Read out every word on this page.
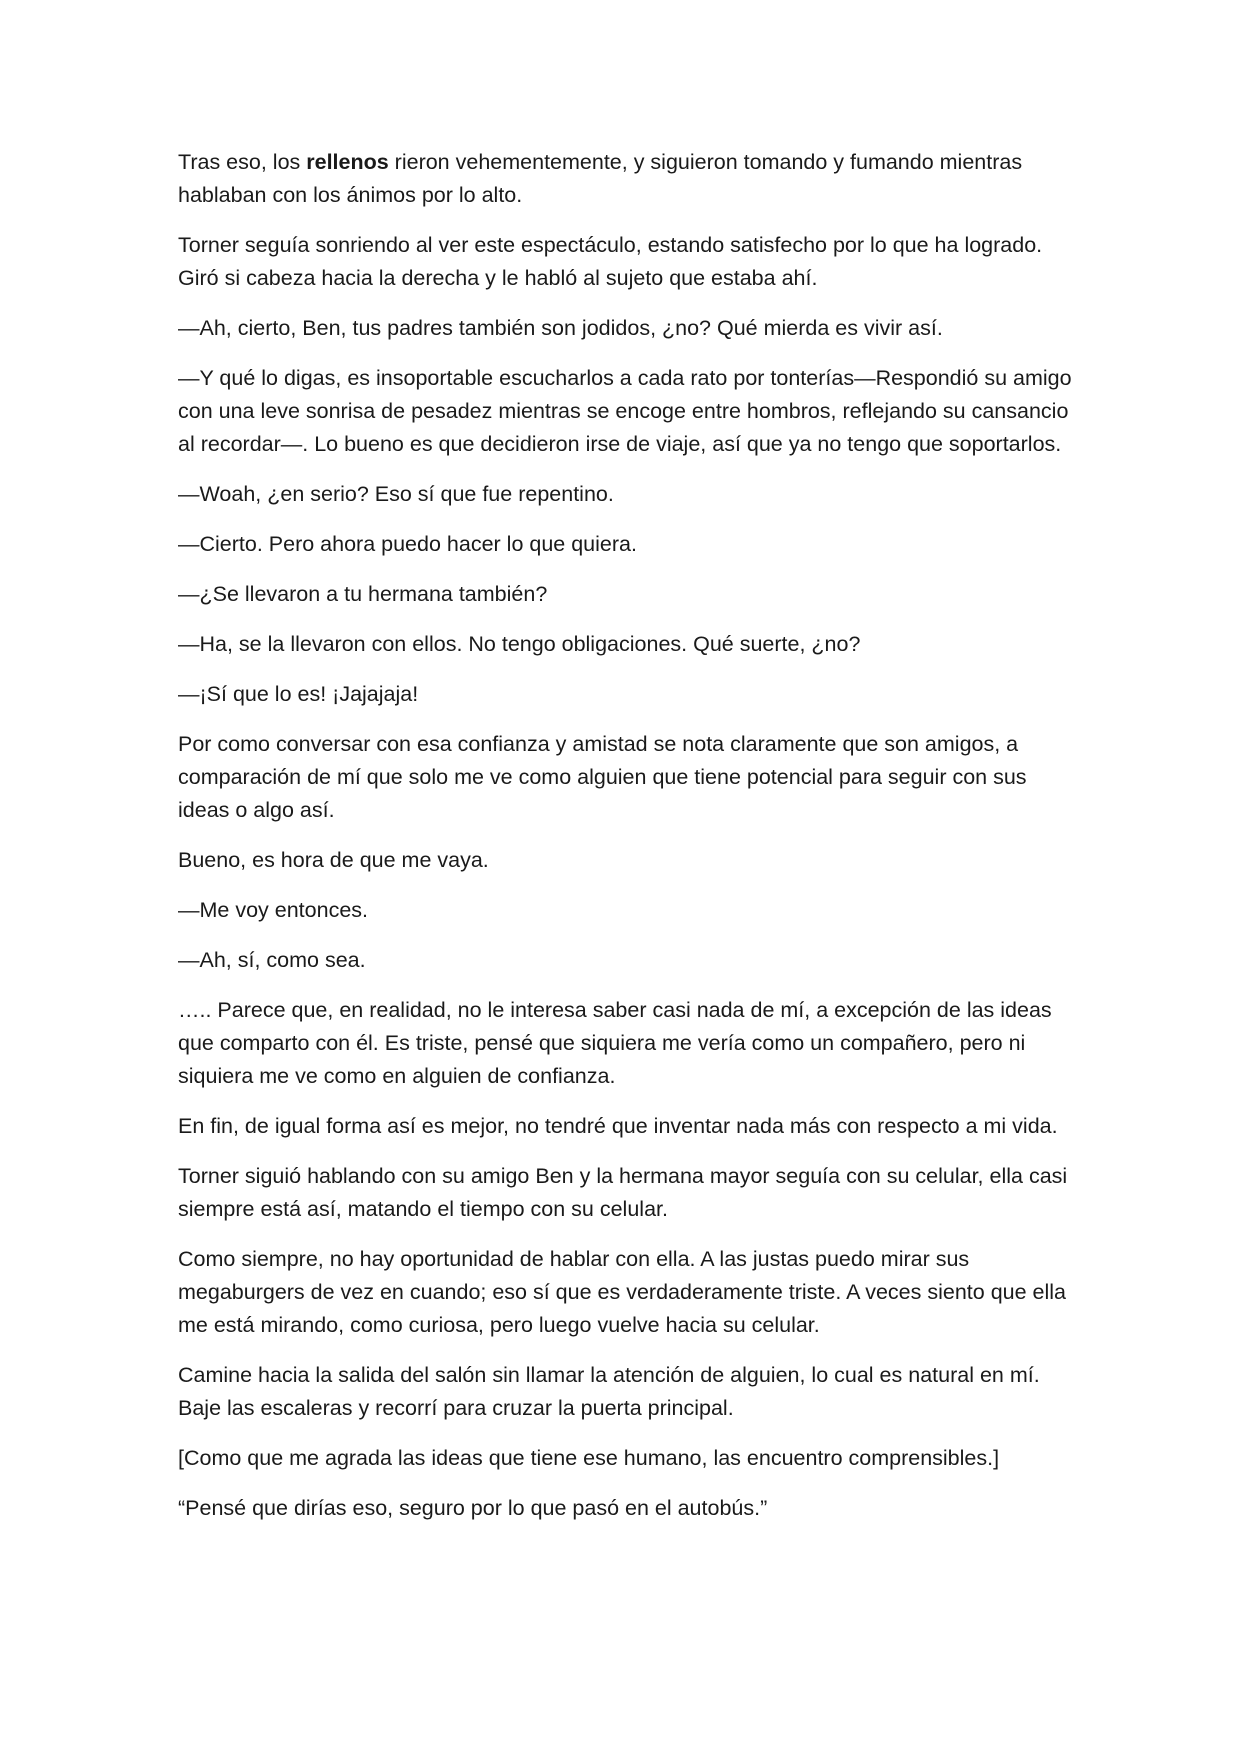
Tras eso, los rellenos rieron vehementemente, y siguieron tomando y fumando mientras hablaban con los ánimos por lo alto.

Torner seguía sonriendo al ver este espectáculo, estando satisfecho por lo que ha logrado. Giró si cabeza hacia la derecha y le habló al sujeto que estaba ahí.

—Ah, cierto, Ben, tus padres también son jodidos, ¿no? Qué mierda es vivir así.

—Y qué lo digas, es insoportable escucharlos a cada rato por tonterías—Respondió su amigo con una leve sonrisa de pesadez mientras se encoge entre hombros, reflejando su cansancio al recordar—. Lo bueno es que decidieron irse de viaje, así que ya no tengo que soportarlos.

—Woah, ¿en serio? Eso sí que fue repentino.

—Cierto. Pero ahora puedo hacer lo que quiera.

—¿Se llevaron a tu hermana también?

—Ha, se la llevaron con ellos. No tengo obligaciones. Qué suerte, ¿no?

—¡Sí que lo es! ¡Jajajaja!

Por como conversar con esa confianza y amistad se nota claramente que son amigos, a comparación de mí que solo me ve como alguien que tiene potencial para seguir con sus ideas o algo así.

Bueno, es hora de que me vaya.

—Me voy entonces.

—Ah, sí, como sea.

….. Parece que, en realidad, no le interesa saber casi nada de mí, a excepción de las ideas que comparto con él. Es triste, pensé que siquiera me vería como un compañero, pero ni siquiera me ve como en alguien de confianza.

En fin, de igual forma así es mejor, no tendré que inventar nada más con respecto a mi vida.

Torner siguió hablando con su amigo Ben y la hermana mayor seguía con su celular, ella casi siempre está así, matando el tiempo con su celular.

Como siempre, no hay oportunidad de hablar con ella. A las justas puedo mirar sus megaburgers de vez en cuando; eso sí que es verdaderamente triste. A veces siento que ella me está mirando, como curiosa, pero luego vuelve hacia su celular.

Camine hacia la salida del salón sin llamar la atención de alguien, lo cual es natural en mí. Baje las escaleras y recorrí para cruzar la puerta principal.

[Como que me agrada las ideas que tiene ese humano, las encuentro comprensibles.]

“Pensé que dirías eso, seguro por lo que pasó en el autobús.”
